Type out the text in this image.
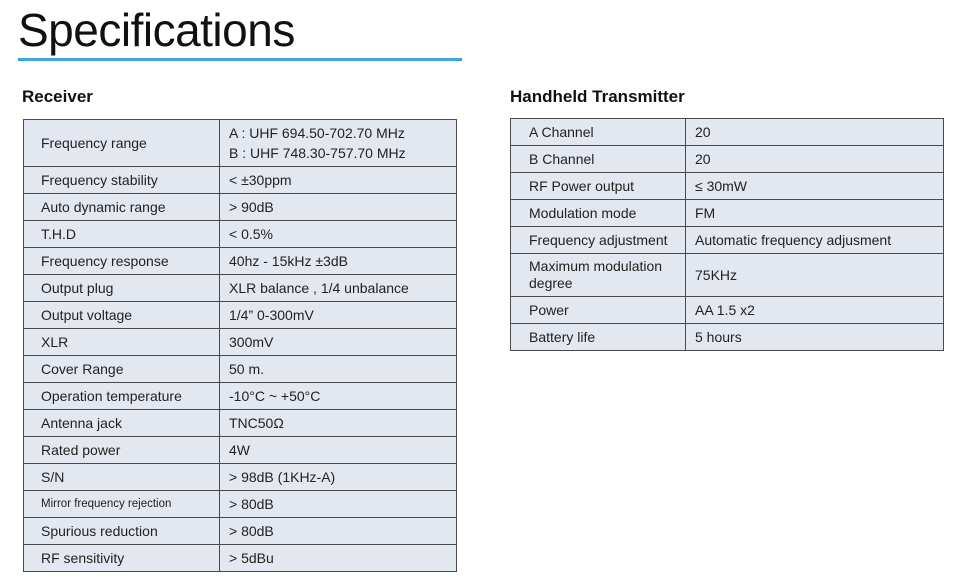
Specifications
Receiver	Handheld Transmitter
Frequency range	A : UHF 694.50-702.70 MHz
B : UHF 748.30-757.70 MHz

Frequency stability	< ±30ppm
Auto dynamic range	> 90dB
T.H.D	< 0.5%
Frequency response	40hz - 15kHz ±3dB
Output plug	XLR balance , 1/4 unbalance
Output voltage	1/4” 0-300mV
XLR	300mV
Cover Range	50 m.
Operation temperature	-10°C ~ +50°C
Antenna jack	TNC50Ω
Rated power	4W
S/N	> 98dB (1KHz-A)
Mirror frequency rejection	> 80dB
Spurious reduction	> 80dB
RF sensitivity	> 5dBu
A Channel	20
B Channel	20
RF Power output	≤ 30mW
Modulation mode	FM
Frequency adjustment	Automatic frequency adjusment
Maximum modulation degree	75KHz
Power	AA 1.5 x2
Battery life	5 hours
